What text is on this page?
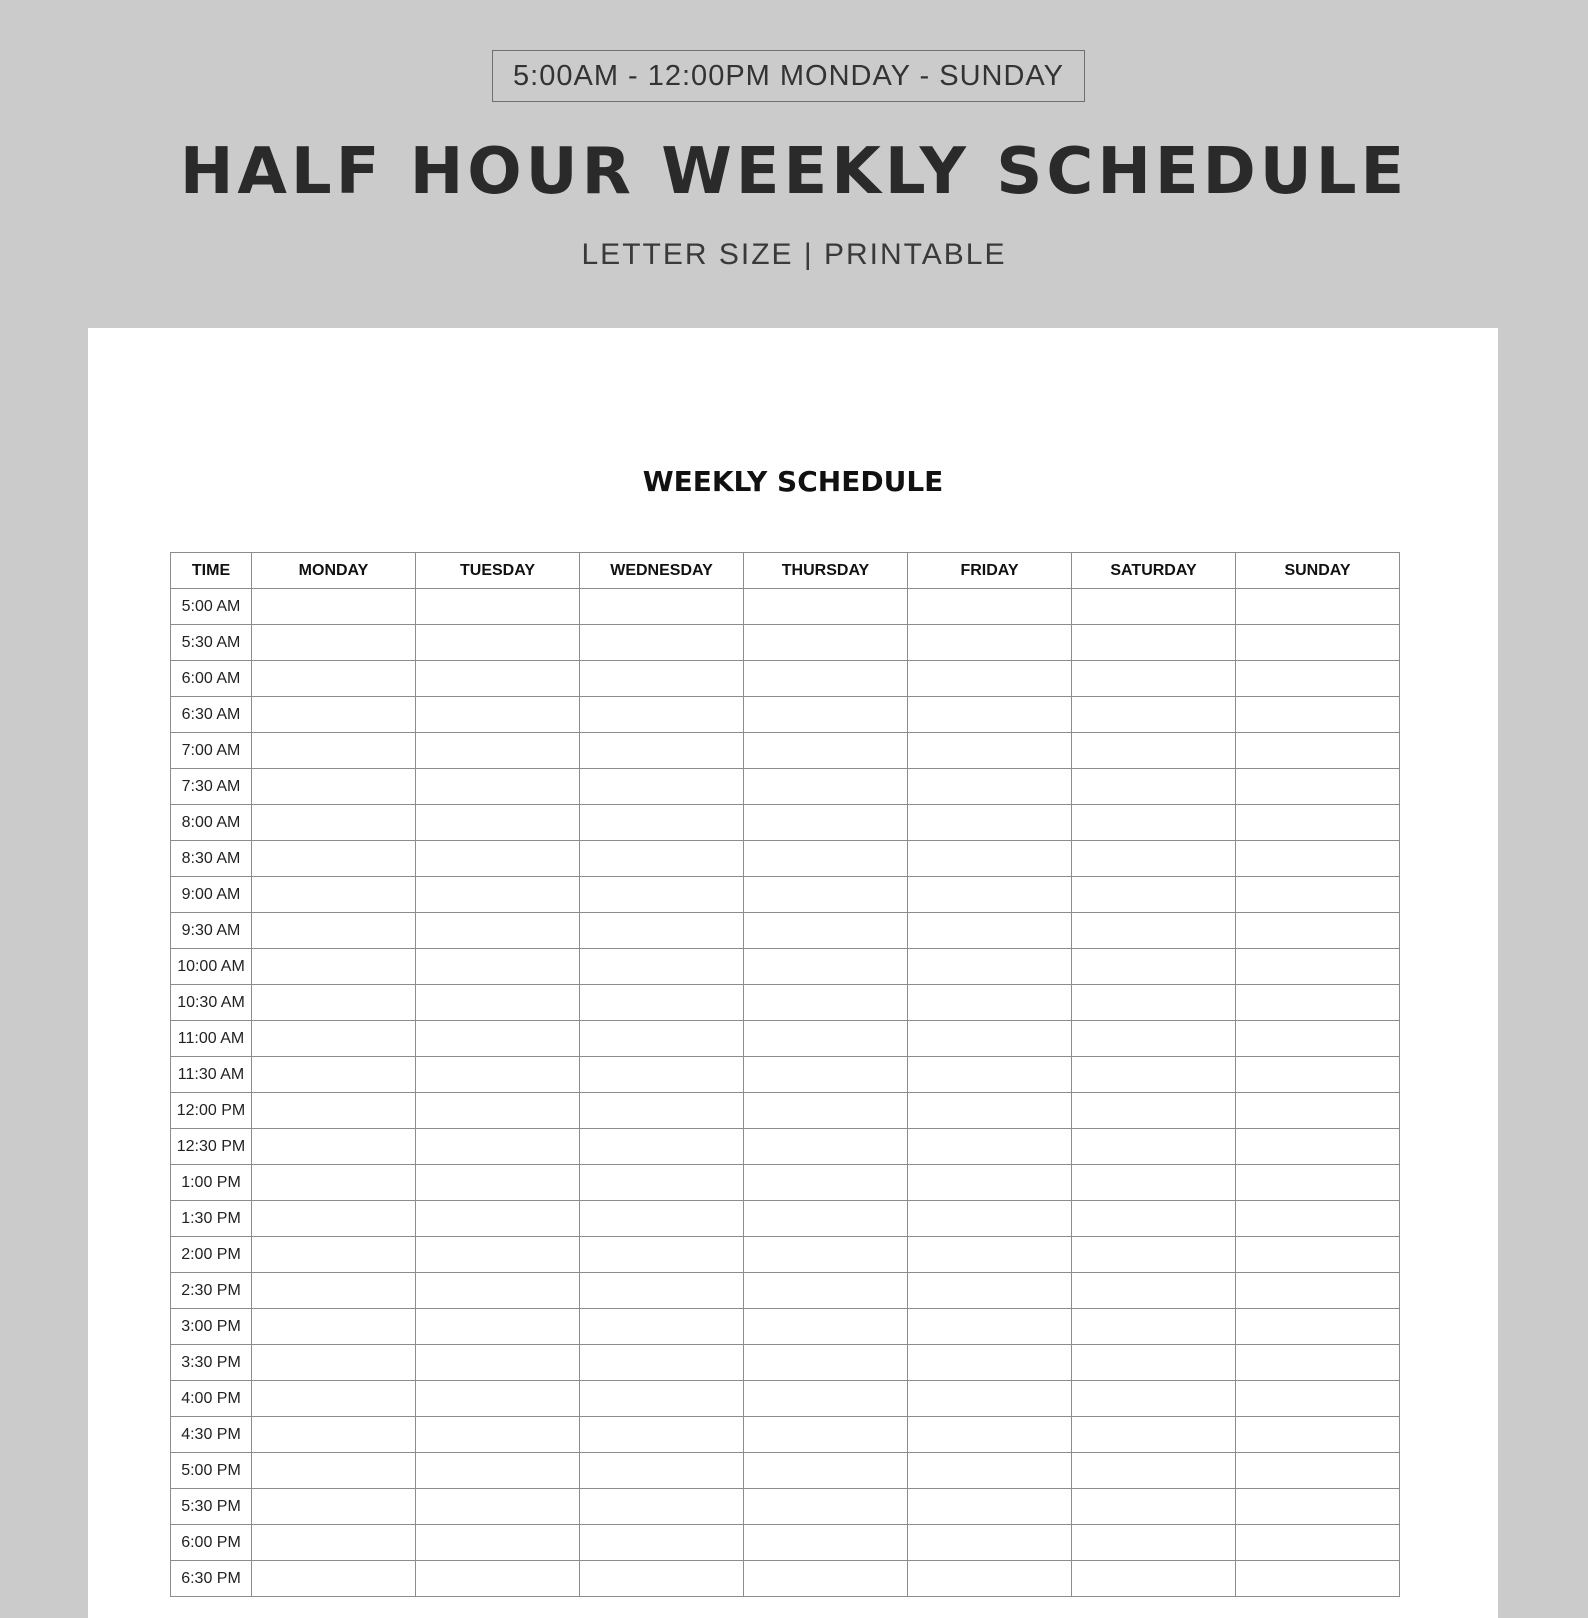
5:00AM - 12:00PM MONDAY - SUNDAY
HALF HOUR WEEKLY SCHEDULE
LETTER SIZE | PRINTABLE
WEEKLY SCHEDULE
TIME	MONDAY	TUESDAY	WEDNESDAY	THURSDAY	FRIDAY	SATURDAY	SUNDAY
5:00 AM							
5:30 AM							
6:00 AM							
6:30 AM							
7:00 AM							
7:30 AM							
8:00 AM							
8:30 AM							
9:00 AM							
9:30 AM							
10:00 AM							
10:30 AM							
11:00 AM							
11:30 AM							
12:00 PM							
12:30 PM							
1:00 PM							
1:30 PM							
2:00 PM							
2:30 PM							
3:00 PM							
3:30 PM							
4:00 PM							
4:30 PM							
5:00 PM							
5:30 PM							
6:00 PM							
6:30 PM							
